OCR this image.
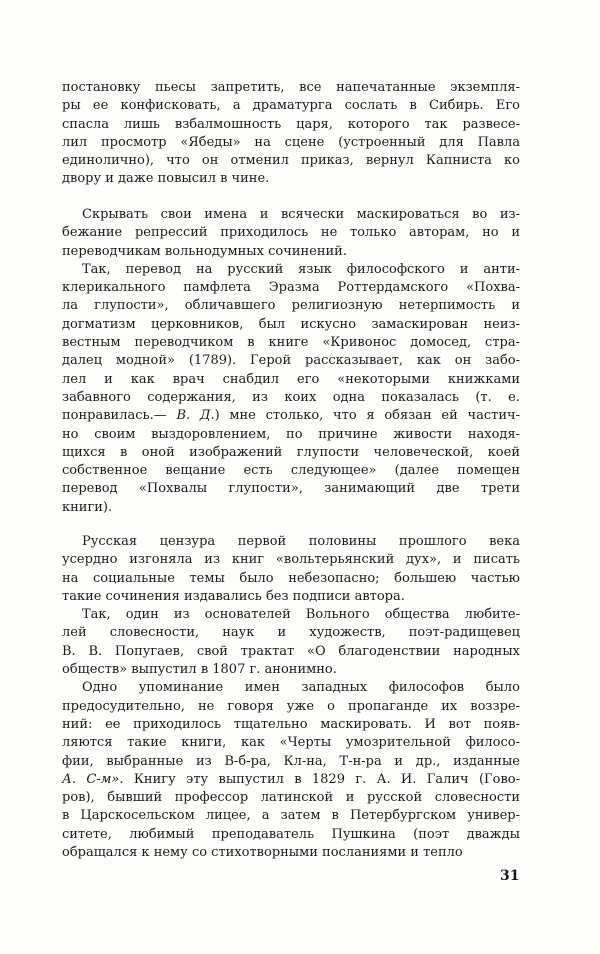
постановку пьесы запретить, все напечатанные экземпля-
ры ее конфисковать, а драматурга сослать в Сибирь. Его
спасла лишь взбалмошность царя, которого так развесе-
лил просмотр «Ябеды» на сцене (устроенный для Павла
единолично), что он отменил приказ, вернул Капниста ко
двору и даже повысил в чине.
Скрывать свои имена и всячески маскироваться во из-
бежание репрессий приходилось не только авторам, но и
переводчикам вольнодумных сочинений.
Так, перевод на русский язык философского и анти-
клерикального памфлета Эразма Роттердамского «Похва-
ла глупости», обличавшего религиозную нетерпимость и
догматизм церковников, был искусно замаскирован неиз-
вестным переводчиком в книге «Кривонос домосед, стра-
далец модной» (1789). Герой рассказывает, как он забо-
лел и как врач снабдил его «некоторыми книжками
забавного содержания, из коих одна показалась (т. е.
понравилась.— В. Д.) мне столько, что я обязан ей частич-
но своим выздоровлением, по причине живости находя-
щихся в оной изображений глупости человеческой, коей
собственное вещание есть следующее» (далее помещен
перевод «Похвалы глупости», занимающий две трети
книги).
Русская цензура первой половины прошлого века
усердно изгоняла из книг «вольтерьянский дух», и писать
на социальные темы было небезопасно; большею частью
такие сочинения издавались без подписи автора.
Так, один из основателей Вольного общества любите-
лей словесности, наук и художеств, поэт-радищевец
В. В. Попугаев, свой трактат «О благоденствии народных
обществ» выпустил в 1807 г. анонимно.
Одно упоминание имен западных философов было
предосудительно, не говоря уже о пропаганде их воззре-
ний: ее приходилось тщательно маскировать. И вот появ-
ляются такие книги, как «Черты умозрительной филосо-
фии, выбранные из В-б-ра, Кл-на, Т-н-ра и др., изданные
А. С-м». Книгу эту выпустил в 1829 г. А. И. Галич (Гово-
ров), бывший профессор латинской и русской словесности
в Царскосельском лицее, а затем в Петербургском универ-
ситете, любимый преподаватель Пушкина (поэт дважды
обращался к нему со стихотворными посланиями и тепло
31
